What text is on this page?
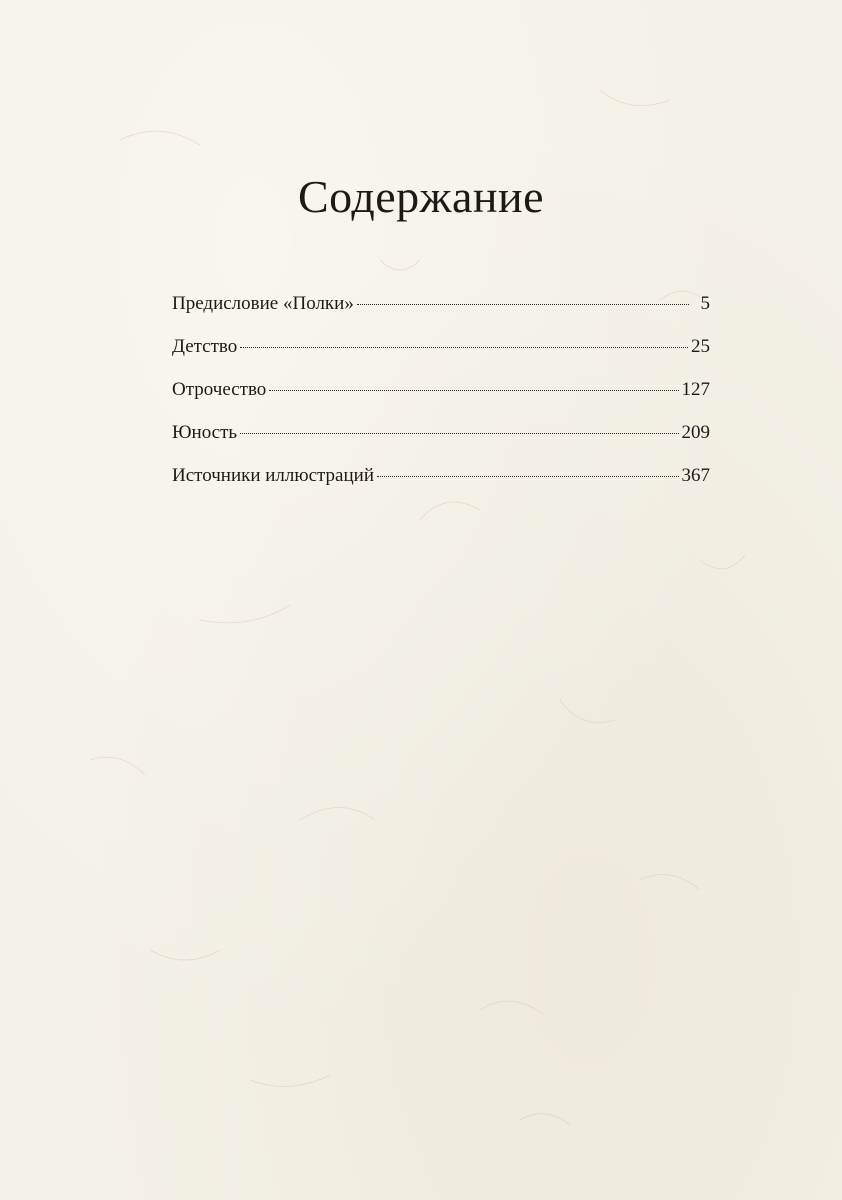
Содержание
Предисловие «Полки»	5
Детство	25
Отрочество	127
Юность	209
Источники иллюстраций	367
